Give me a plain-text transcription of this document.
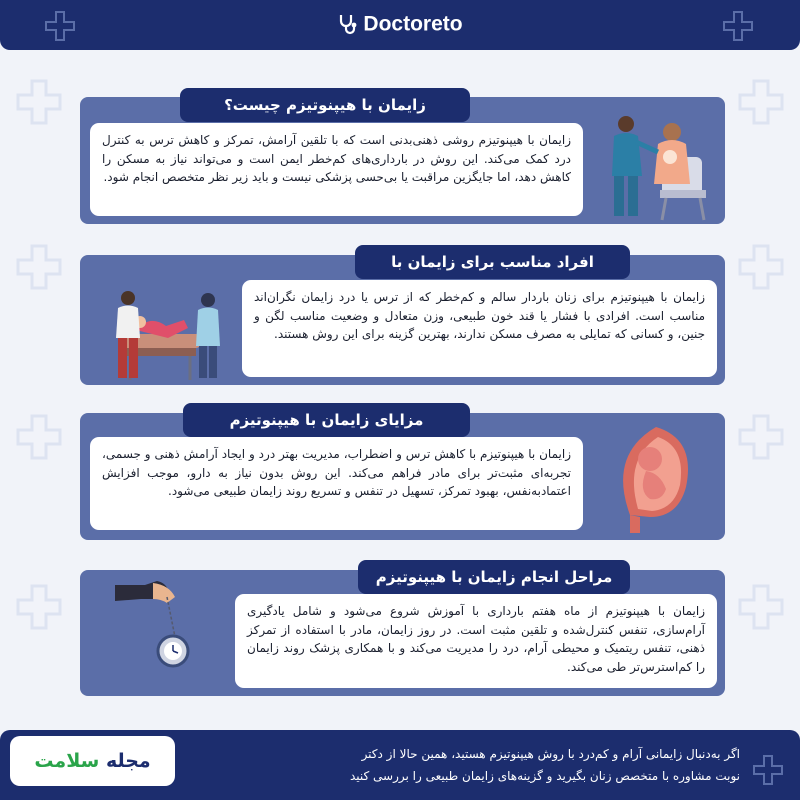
Doctoreto
زایمان با هیپنوتیزم چیست؟
زایمان با هیپنوتیزم روشی ذهنی‌بدنی است که با تلقین آرامش، تمرکز و کاهش ترس به کنترل درد کمک می‌کند. این روش در بارداری‌های کم‌خطر ایمن است و می‌تواند نیاز به مسکن را کاهش دهد، اما جایگزین مراقبت یا بی‌حسی پزشکی نیست و باید زیر نظر متخصص انجام شود.
افراد مناسب برای زایمان با
زایمان با هیپنوتیزم برای زنان باردار سالم و کم‌خطر که از ترس یا درد زایمان نگران‌اند مناسب است. افرادی با فشار یا قند خون طبیعی، وزن متعادل و وضعیت مناسب لگن و جنین، و کسانی که تمایلی به مصرف مسکن ندارند، بهترین گزینه برای این روش هستند.
مزایای زایمان با هیپنوتیزم
زایمان با هیپنوتیزم با کاهش ترس و اضطراب، مدیریت بهتر درد و ایجاد آرامش ذهنی و جسمی، تجربه‌ای مثبت‌تر برای مادر فراهم می‌کند. این روش بدون نیاز به دارو، موجب افزایش اعتماد‌به‌نفس، بهبود تمرکز، تسهیل در تنفس و تسریع روند زایمان طبیعی می‌شود.
مراحل انجام زایمان با هیپنوتیزم
زایمان با هیپنوتیزم از ماه هفتم بارداری با آموزش شروع می‌شود و شامل یادگیری آرام‌سازی، تنفس کنترل‌شده و تلقین مثبت است. در روز زایمان، مادر با استفاده از تمرکز ذهنی، تنفس ریتمیک و محیطی آرام، درد را مدیریت می‌کند و با همکاری پزشک روند زایمان را کم‌استرس‌تر طی می‌کند.
اگر به‌دنبال زایمانی آرام و کم‌درد با روش هیپنوتیزم هستید، همین حالا از دکتر
نوبت مشاوره با متخصص زنان بگیرید و گزینه‌های زایمان طبیعی را بررسی کنید
مجله سلامت
